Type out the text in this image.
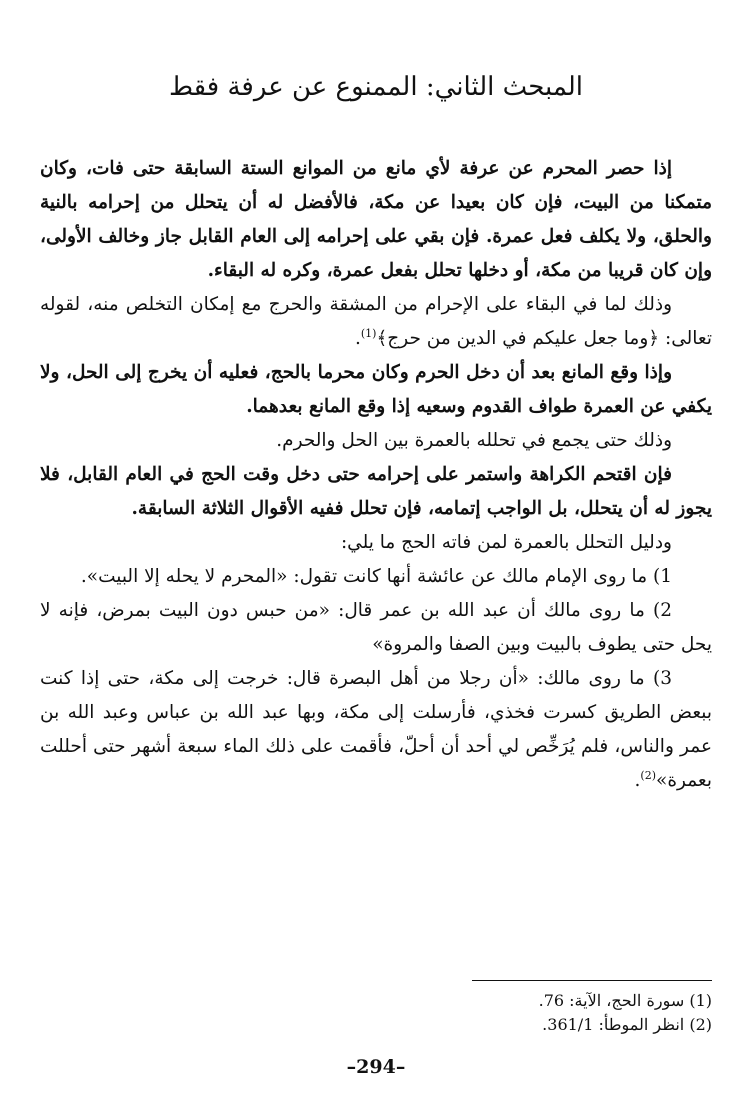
المبحث الثاني: الممنوع عن عرفة فقط

إذا حصر المحرم عن عرفة لأي مانع من الموانع الستة السابقة حتى فات، وكان متمكنا من البيت، فإن كان بعيدا عن مكة، فالأفضل له أن يتحلل من إحرامه بالنية والحلق، ولا يكلف فعل عمرة. فإن بقي على إحرامه إلى العام القابل جاز وخالف الأولى، وإن كان قريبا من مكة، أو دخلها تحلل بفعل عمرة، وكره له البقاء.

وذلك لما في البقاء على الإحرام من المشقة والحرج مع إمكان التخلص منه، لقوله تعالى: ﴿وما جعل عليكم في الدين من حرج﴾$^{(1)}$.

وإذا وقع المانع بعد أن دخل الحرم وكان محرما بالحج، فعليه أن يخرج إلى الحل، ولا يكفي عن العمرة طواف القدوم وسعيه إذا وقع المانع بعدهما.

وذلك حتى يجمع في تحلله بالعمرة بين الحل والحرم.

فإن اقتحم الكراهة واستمر على إحرامه حتى دخل وقت الحج في العام القابل، فلا يجوز له أن يتحلل، بل الواجب إتمامه، فإن تحلل ففيه الأقوال الثلاثة السابقة.

ودليل التحلل بالعمرة لمن فاته الحج ما يلي:

1) ما روى الإمام مالك عن عائشة أنها كانت تقول: «المحرم لا يحله إلا البيت».

2) ما روى مالك أن عبد الله بن عمر قال: «من حبس دون البيت بمرض، فإنه لا يحل حتى يطوف بالبيت وبين الصفا والمروة»

3) ما روى مالك: «أن رجلا من أهل البصرة قال: خرجت إلى مكة، حتى إذا كنت ببعض الطريق كسرت فخذي، فأرسلت إلى مكة، وبها عبد الله بن عباس وعبد الله بن عمر والناس، فلم يُرَخِّص لي أحد أن أحلّ، فأقمت على ذلك الماء سبعة أشهر حتى أحللت بعمرة»$^{(2)}$.

(1) سورة الحج، الآية: 76.

(2) انظر الموطأ: 361/1.

–294–
